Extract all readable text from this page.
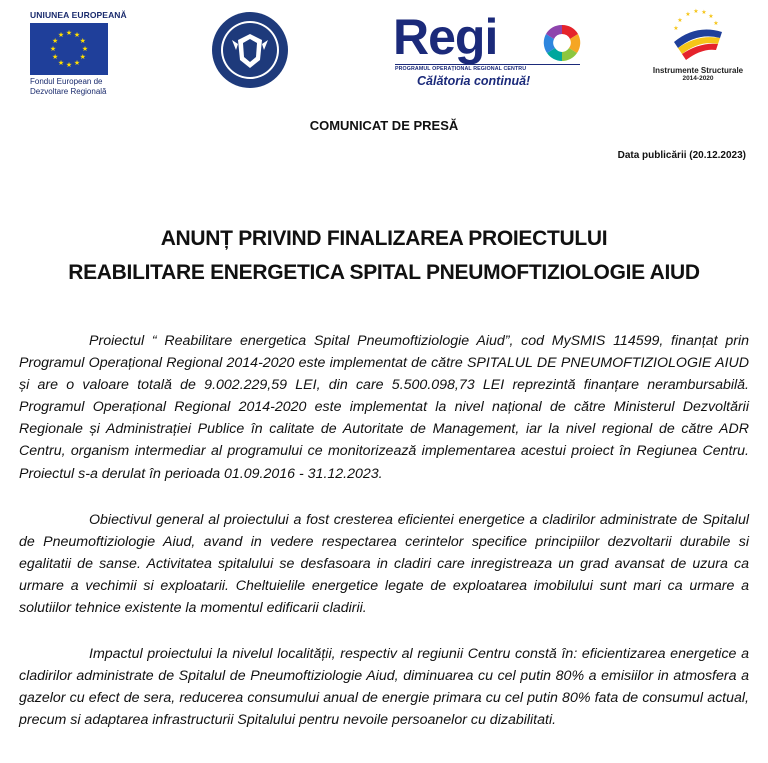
UNIUNEA EUROPEANĂ
★ ★
★
★
★
★
★
★
★
★
★
★
Fondul European de Dezvoltare Regională
Regi
PROGRAMUL OPERAȚIONAL REGIONAL CENTRU
Călătoria continuă!
★ ★ ★
★
★
★
★
Instrumente Structurale
2014-2020
COMUNICAT DE PRESĂ
Data publicării (20.12.2023)
ANUNȚ PRIVIND FINALIZAREA PROIECTULUI
REABILITARE ENERGETICA SPITAL PNEUMOFTIZIOLOGIE AIUD

Proiectul “ Reabilitare energetica Spital Pneumoftiziologie Aiud”, cod MySMIS 114599, finanțat prin Programul Operațional Regional 2014-2020 este implementat de către SPITALUL DE PNEUMOFTIZIOLOGIE AIUD și are o valoare totală de 9.002.229,59 LEI, din care 5.500.098,73 LEI reprezintă finanțare nerambursabilă. Programul Operațional Regional 2014-2020 este implementat la nivel național de către Ministerul Dezvoltării Regionale și Administrației Publice în calitate de Autoritate de Management, iar la nivel regional de către ADR Centru, organism intermediar al programului ce monitorizează implementarea acestui proiect în Regiunea Centru. Proiectul s-a derulat în perioada 01.09.2016 - 31.12.2023.

Obiectivul general al proiectului a fost cresterea eficientei energetice a cladirilor administrate de Spitalul de Pneumoftiziologie Aiud, avand in vedere respectarea cerintelor specifice principiilor dezvoltarii durabile si egalitatii de sanse. Activitatea spitalului se desfasoara in cladiri care inregistreaza un grad avansat de uzura ca urmare a vechimii si exploatarii. Cheltuielile energetice legate de exploatarea imobilului sunt mari ca urmare a solutiilor tehnice existente la momentul edificarii cladirii.

Impactul proiectului la nivelul localității, respectiv al regiunii Centru constă în: eficientizarea energetice a cladirilor administrate de Spitalul de Pneumoftiziologie Aiud, diminuarea cu cel putin 80% a emisiilor in atmosfera a gazelor cu efect de sera, reducerea consumului anual de energie primara cu cel putin 80% fata de consumul actual, precum si adaptarea infrastructurii Spitalului pentru nevoile persoanelor cu dizabilitati.
